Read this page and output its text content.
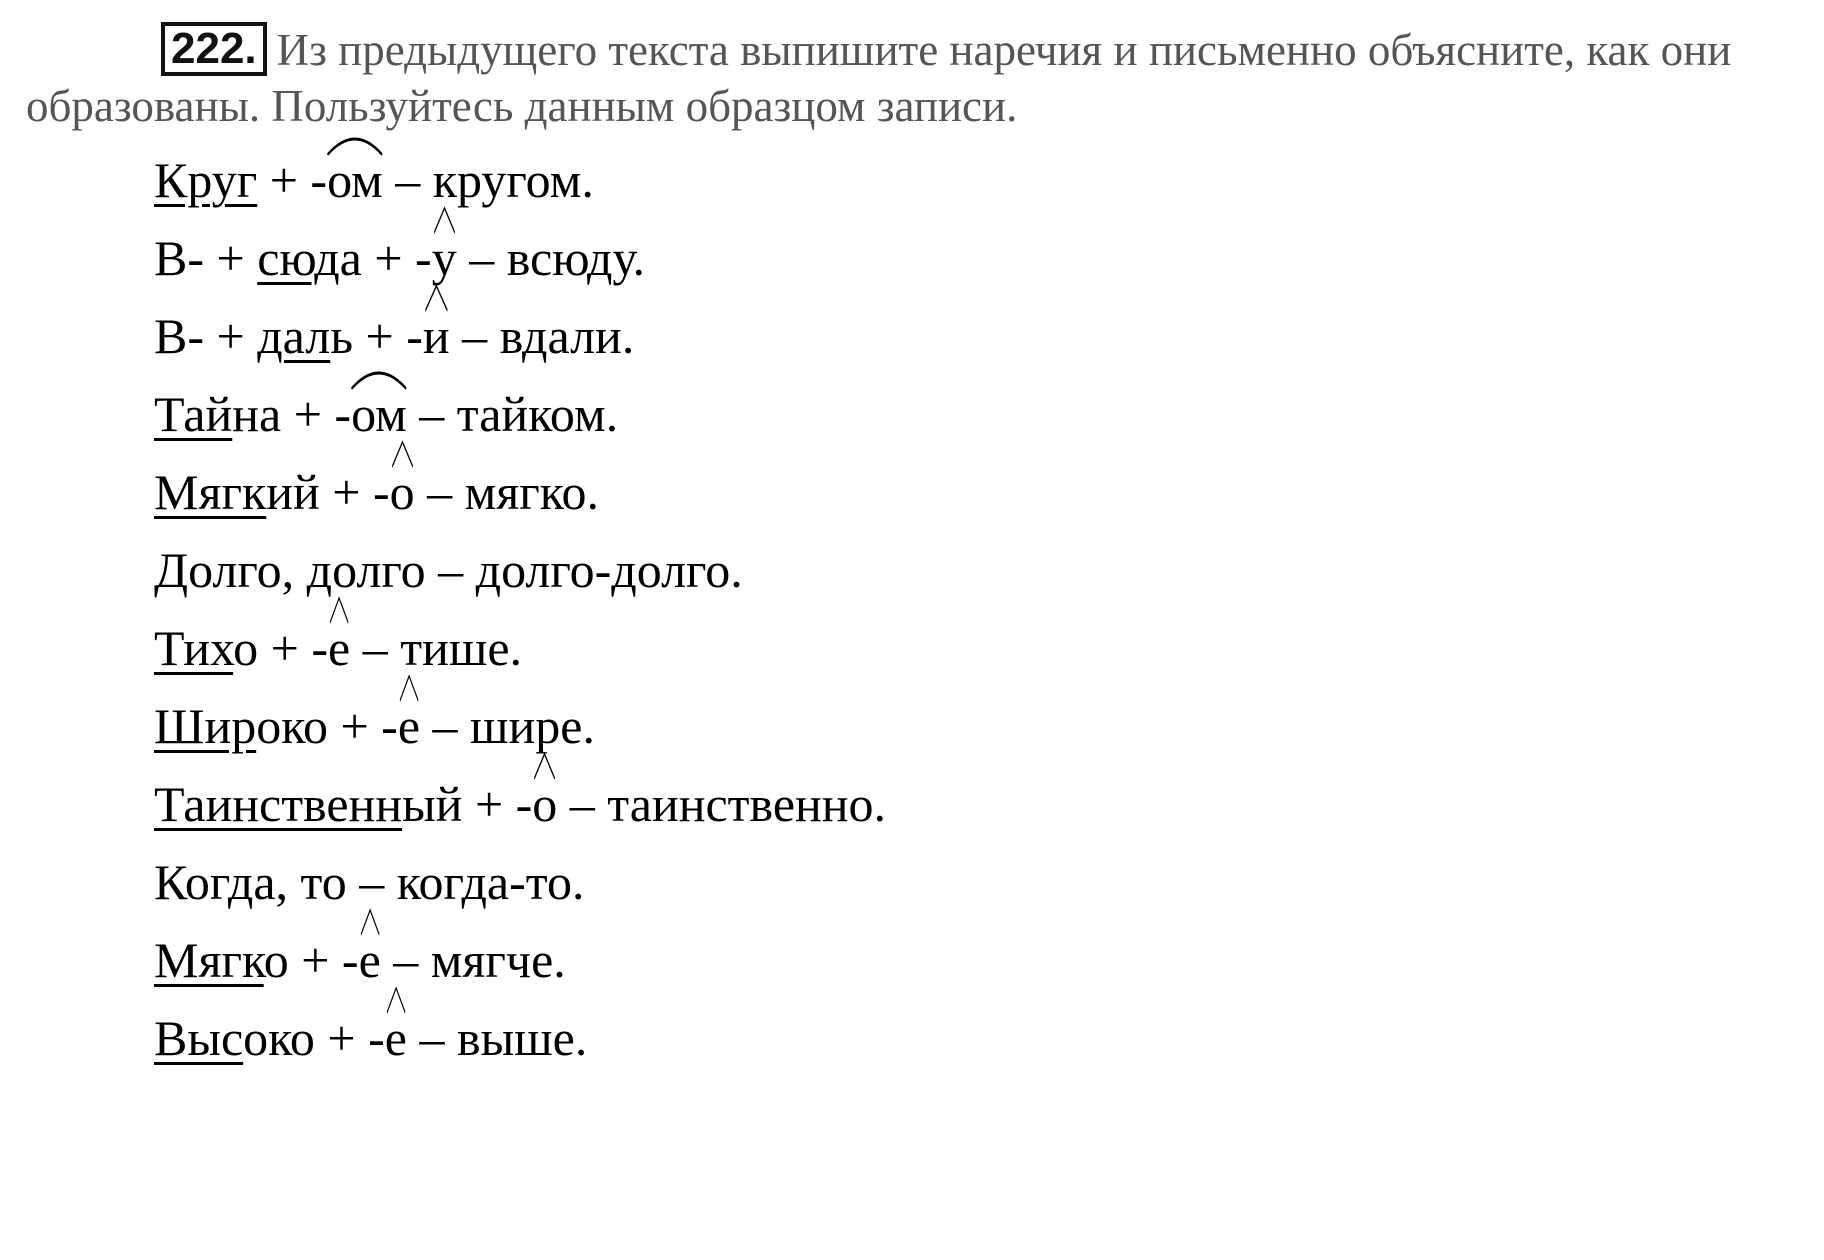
222. Из предыдущего текста выпишите наречия и письменно объясните, как они образованы. Пользуйтесь данным образцом записи.
Круг + -ом
– кругом.
В- + сюда + -у
– всюду.
В- + даль + -и
– вдали.
Тайна + -ом
– тайком.
Мягкий + -о
– мягко.
Долго, долго – долго-долго.
Тихо + -е
– тише.
Широко + -е
– шире.
Таинственный + -о
– таинственно.
Когда, то – когда-то.
Мягко + -е
– мягче.
Высоко + -е
– выше.
